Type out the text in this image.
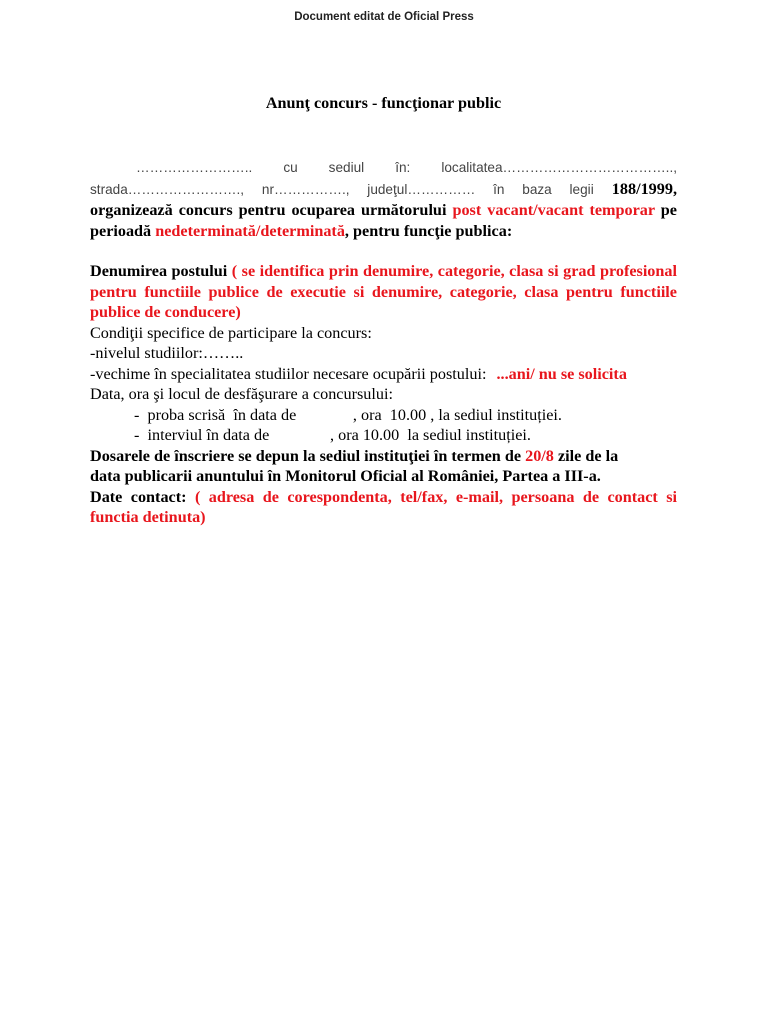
Document editat de Oficial Press
Anunţ concurs - funcţionar public
…………………….. cu sediul în: localitatea……………………………….., strada……………………., nr……………., judeţul…………… în baza legii 188/1999, organizează concurs pentru ocuparea următorului post vacant/vacant temporar pe perioadă nedeterminată/determinată, pentru funcţie publica:
Denumirea postului ( se identifica prin denumire, categorie, clasa si grad profesional pentru functiile publice de executie si denumire, categorie, clasa pentru functiile publice de conducere)
Condiţii specifice de participare la concurs:
-nivelul studiilor:……..
-vechime în specialitatea studiilor necesare ocupării postului: ...ani/ nu se solicita
Data, ora şi locul de desfăşurare a concursului:
-  proba scrisă  în data de              , ora  10.00 , la sediul instituției.
-  interviul în data de               , ora 10.00  la sediul instituției.
Dosarele de înscriere se depun la sediul instituţiei în termen de 20/8 zile de la
data publicarii anuntului în Monitorul Oficial al României, Partea a III-a.
Date contact: ( adresa de corespondenta, tel/fax, e-mail, persoana de contact si functia detinuta)
